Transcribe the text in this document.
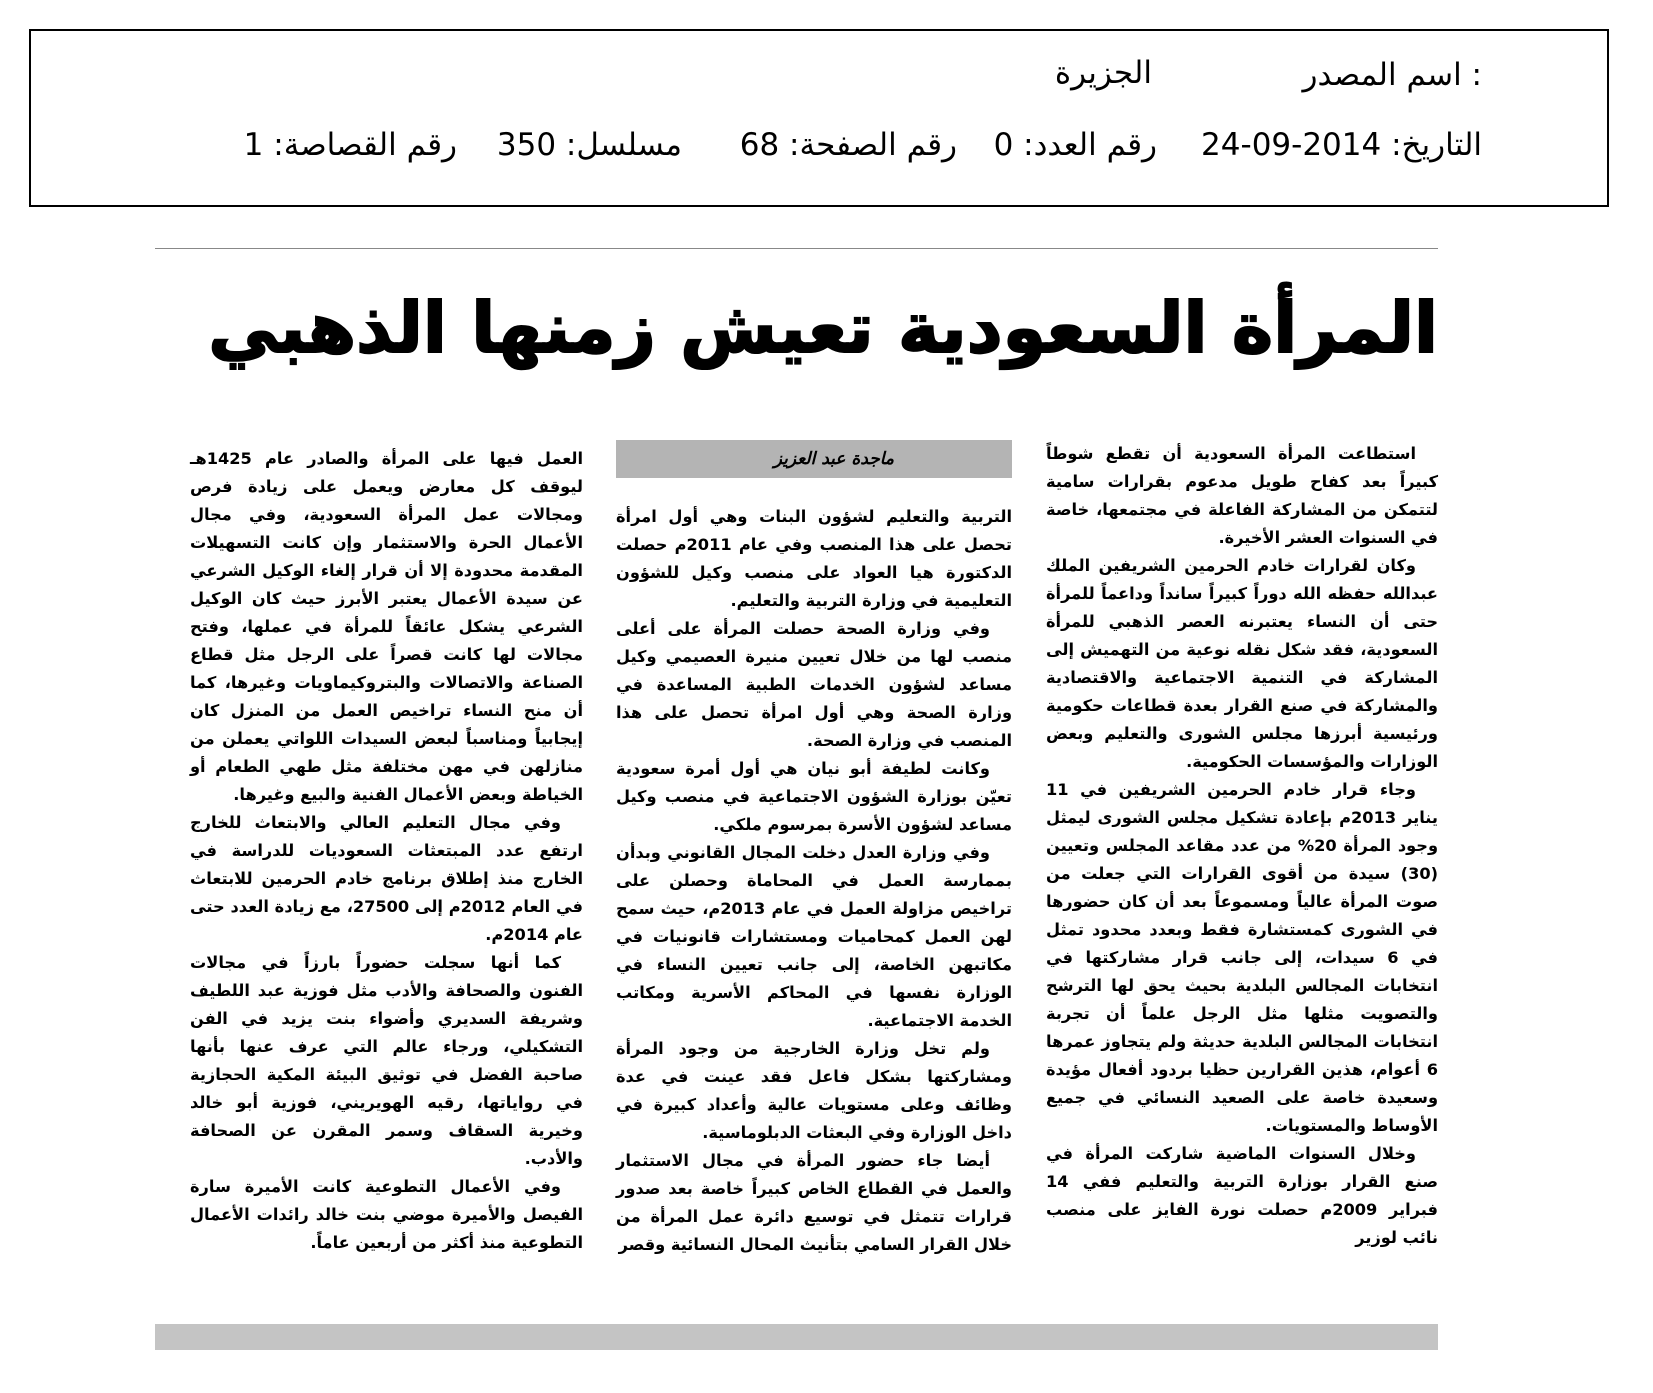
اسم المصدر :
الجزيرة
التاريخ: 2014-09-24
رقم العدد: 0
رقم الصفحة: 68
مسلسل: 350
رقم القصاصة: 1
المرأة السعودية تعيش زمنها الذهبي

استطاعت المرأة السعودية أن تقطع شوطاً كبيراً بعد كفاح طويل مدعوم بقرارات سامية لتتمكن من المشاركة الفاعلة في مجتمعها، خاصة في السنوات العشر الأخيرة.

وكان لقرارات خادم الحرمين الشريفين الملك عبدالله حفظه الله دوراً كبيراً سانداً وداعماً للمرأة حتى أن النساء يعتبرنه العصر الذهبي للمرأة السعودية، فقد شكل نقله نوعية من التهميش إلى المشاركة في التنمية الاجتماعية والاقتصادية والمشاركة في صنع القرار بعدة قطاعات حكومية ورئيسية أبرزها مجلس الشورى والتعليم وبعض الوزارات والمؤسسات الحكومية.

وجاء قرار خادم الحرمين الشريفين في 11 يناير 2013م بإعادة تشكيل مجلس الشورى ليمثل وجود المرأة 20% من عدد مقاعد المجلس وتعيين (30) سيدة من أقوى القرارات التي جعلت من صوت المرأة عالياً ومسموعاً بعد أن كان حضورها في الشورى كمستشارة فقط وبعدد محدود تمثل في 6 سيدات، إلى جانب قرار مشاركتها في انتخابات المجالس البلدية بحيث يحق لها الترشح والتصويت مثلها مثل الرجل علماً أن تجربة انتخابات المجالس البلدية حديثة ولم يتجاوز عمرها 6 أعوام، هذين القرارين حظيا بردود أفعال مؤيدة وسعيدة خاصة على الصعيد النسائي في جميع الأوساط والمستويات.

وخلال السنوات الماضية شاركت المرأة في صنع القرار بوزارة التربية والتعليم ففي 14 فبراير 2009م حصلت نورة الفايز على منصب نائب لوزير

ماجدة عبد العزيز

التربية والتعليم لشؤون البنات وهي أول امرأة تحصل على هذا المنصب وفي عام 2011م حصلت الدكتورة هيا العواد على منصب وكيل للشؤون التعليمية في وزارة التربية والتعليم.

وفي وزارة الصحة حصلت المرأة على أعلى منصب لها من خلال تعيين منيرة العصيمي وكيل مساعد لشؤون الخدمات الطبية المساعدة في وزارة الصحة وهي أول امرأة تحصل على هذا المنصب في وزارة الصحة.

وكانت لطيفة أبو نيان هي أول أمرة سعودية تعيّن بوزارة الشؤون الاجتماعية في منصب وكيل مساعد لشؤون الأسرة بمرسوم ملكي.

وفي وزارة العدل دخلت المجال القانوني وبدأن بممارسة العمل في المحاماة وحصلن على تراخيص مزاولة العمل في عام 2013م، حيث سمح لهن العمل كمحاميات ومستشارات قانونيات في مكاتبهن الخاصة، إلى جانب تعيين النساء في الوزارة نفسها في المحاكم الأسرية ومكاتب الخدمة الاجتماعية.

ولم تخل وزارة الخارجية من وجود المرأة ومشاركتها بشكل فاعل فقد عينت في عدة وظائف وعلى مستويات عالية وأعداد كبيرة في داخل الوزارة وفي البعثات الدبلوماسية.

أيضا جاء حضور المرأة في مجال الاستثمار والعمل في القطاع الخاص كبيراً خاصة بعد صدور قرارات تتمثل في توسيع دائرة عمل المرأة من خلال القرار السامي بتأنيث المحال النسائية وقصر

العمل فيها على المرأة والصادر عام 1425هـ ليوقف كل معارض ويعمل على زيادة فرص ومجالات عمل المرأة السعودية، وفي مجال الأعمال الحرة والاستثمار وإن كانت التسهيلات المقدمة محدودة إلا أن قرار إلغاء الوكيل الشرعي عن سيدة الأعمال يعتبر الأبرز حيث كان الوكيل الشرعي يشكل عائقاً للمرأة في عملها، وفتح مجالات لها كانت قصراً على الرجل مثل قطاع الصناعة والاتصالات والبتروكيماويات وغيرها، كما أن منح النساء تراخيص العمل من المنزل كان إيجابياً ومناسباً لبعض السيدات اللواتي يعملن من منازلهن في مهن مختلفة مثل طهي الطعام أو الخياطة وبعض الأعمال الفنية والبيع وغيرها.

وفي مجال التعليم العالي والابتعاث للخارج ارتفع عدد المبتعثات السعوديات للدراسة في الخارج منذ إطلاق برنامج خادم الحرمين للابتعاث في العام 2012م إلى 27500، مع زيادة العدد حتى عام 2014م.

كما أنها سجلت حضوراً بارزاً في مجالات الفنون والصحافة والأدب مثل فوزية عبد اللطيف وشريفة السديري وأضواء بنت يزيد في الفن التشكيلي، ورجاء عالم التي عرف عنها بأنها صاحبة الفضل في توثيق البيئة المكية الحجازية في رواياتها، رقيه الهويريني، فوزية أبو خالد وخيرية السقاف وسمر المقرن عن الصحافة والأدب.

وفي الأعمال التطوعية كانت الأميرة سارة الفيصل والأميرة موضي بنت خالد رائدات الأعمال التطوعية منذ أكثر من أربعين عاماً.
